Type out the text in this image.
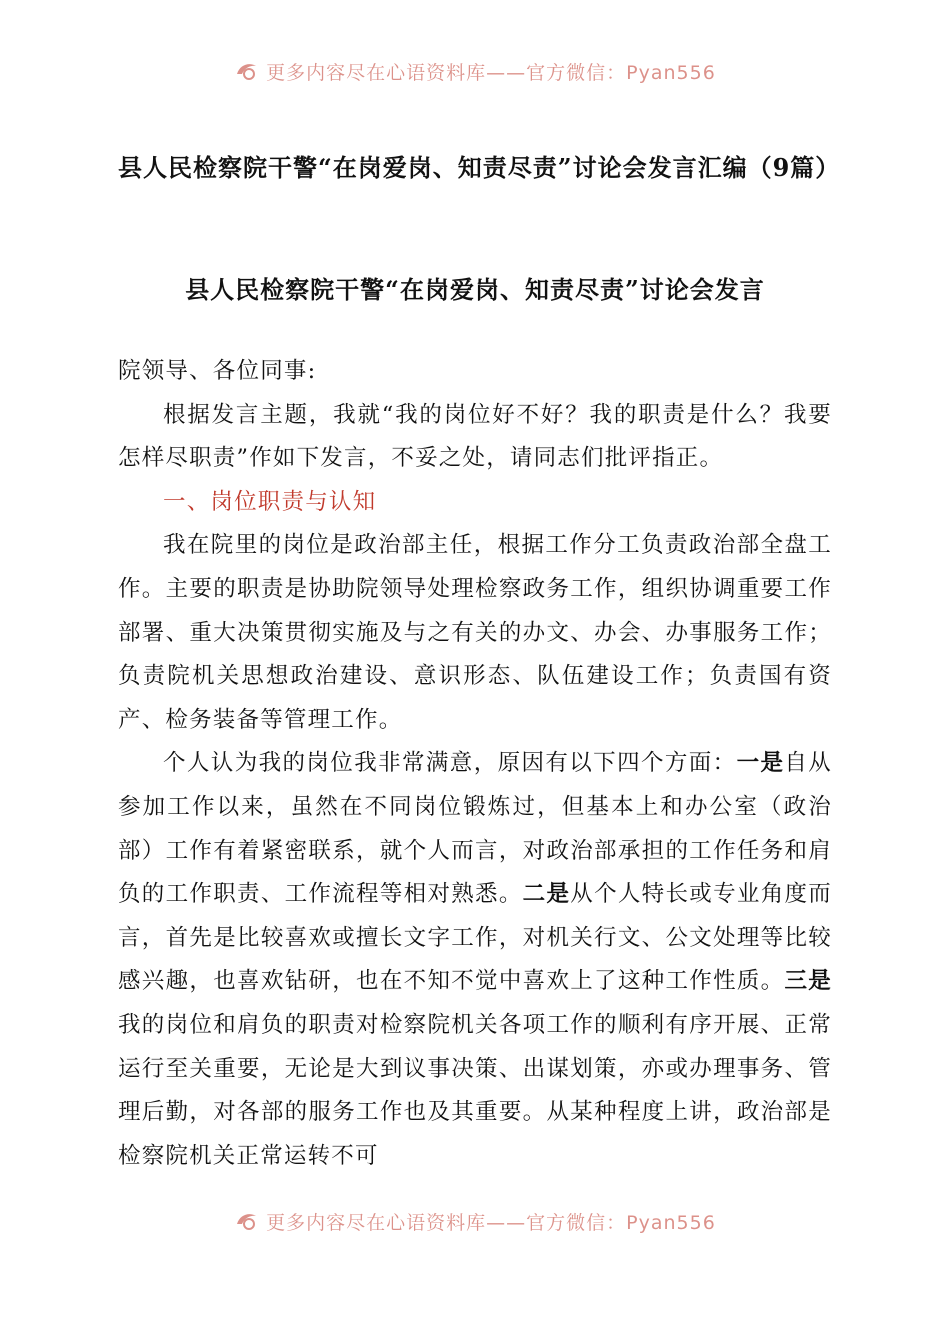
更多内容尽在心语资料库——官方微信：Pyan556
县人民检察院干警“在岗爱岗、知责尽责”讨论会发言汇编（9篇）
县人民检察院干警“在岗爱岗、知责尽责”讨论会发言

院领导、各位同事:

根据发言主题，我就“我的岗位好不好？我的职责是什么？我要怎样尽职责”作如下发言，不妥之处，请同志们批评指正。

一、岗位职责与认知

我在院里的岗位是政治部主任，根据工作分工负责政治部全盘工作。主要的职责是协助院领导处理检察政务工作，组织协调重要工作部署、重大决策贯彻实施及与之有关的办文、办会、办事服务工作；负责院机关思想政治建设、意识形态、队伍建设工作；负责国有资产、检务装备等管理工作。

个人认为我的岗位我非常满意，原因有以下四个方面：一是自从参加工作以来，虽然在不同岗位锻炼过，但基本上和办公室（政治部）工作有着紧密联系，就个人而言，对政治部承担的工作任务和肩负的工作职责、工作流程等相对熟悉。二是从个人特长或专业角度而言，首先是比较喜欢或擅长文字工作，对机关行文、公文处理等比较感兴趣，也喜欢钻研，也在不知不觉中喜欢上了这种工作性质。三是我的岗位和肩负的职责对检察院机关各项工作的顺利有序开展、正常运行至关重要，无论是大到议事决策、出谋划策，亦或办理事务、管理后勤，对各部的服务工作也及其重要。从某种程度上讲，政治部是检察院机关正常运转不可

更多内容尽在心语资料库——官方微信：Pyan556
